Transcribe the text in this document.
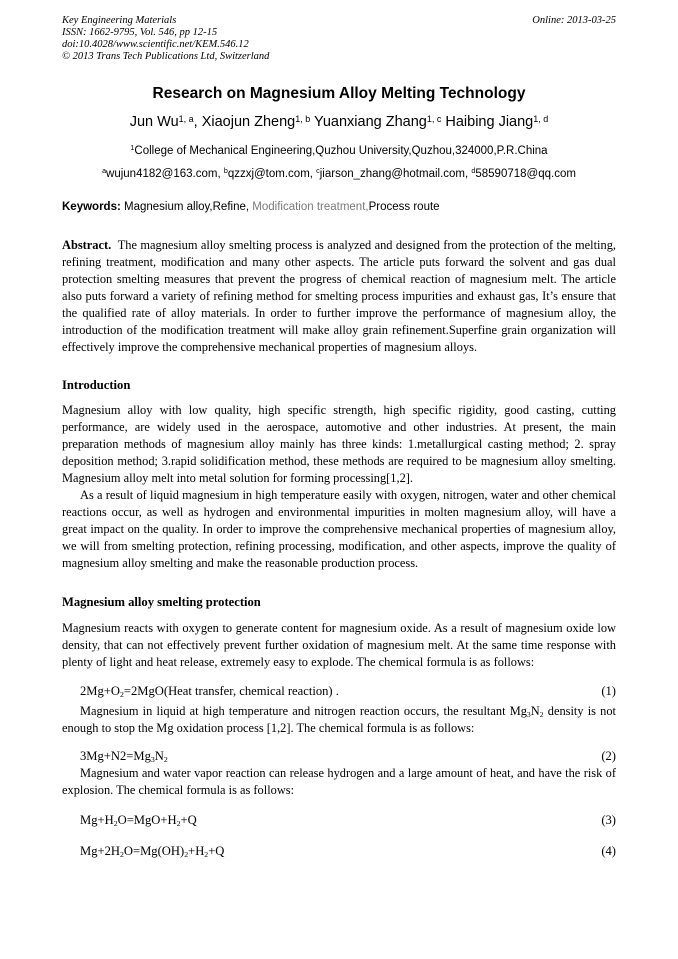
Key Engineering Materials
ISSN: 1662-9795, Vol. 546, pp 12-15
doi:10.4028/www.scientific.net/KEM.546.12
© 2013 Trans Tech Publications Ltd, Switzerland
Online: 2013-03-25
Research on Magnesium Alloy Melting Technology
Jun Wu$^{1, a}$, Xiaojun Zheng$^{1, b}$ Yuanxiang Zhang$^{1, c}$ Haibing Jiang$^{1, d}$
$^1$College of Mechanical Engineering,Quzhou University,Quzhou,324000,P.R.China
$^a$wujun4182@163.com, $^b$qzzxj@tom.com, $^c$jiarson_zhang@hotmail.com, $^d$58590718@qq.com
Keywords: Magnesium alloy,Refine, Modification treatment,Process route

Abstract.  The magnesium alloy smelting process is analyzed and designed from the protection of the melting, refining treatment, modification and many other aspects. The article puts forward the solvent and gas dual protection smelting measures that prevent the progress of chemical reaction of magnesium melt. The article also puts forward a variety of refining method for smelting process impurities and exhaust gas, It’s ensure that the qualified rate of alloy materials. In order to further improve the performance of magnesium alloy, the introduction of the modification treatment will make alloy grain refinement.Superfine grain organization will effectively improve the comprehensive mechanical properties of magnesium alloys.

Introduction

Magnesium alloy with low quality, high specific strength, high specific rigidity, good casting, cutting performance, are widely used in the aerospace, automotive and other industries. At present, the main preparation methods of magnesium alloy mainly has three kinds: 1.metallurgical casting method; 2. spray deposition method; 3.rapid solidification method, these methods are required to be magnesium alloy smelting. Magnesium alloy melt into metal solution for forming processing[1,2].

As a result of liquid magnesium in high temperature easily with oxygen, nitrogen, water and other chemical reactions occur, as well as hydrogen and environmental impurities in molten magnesium alloy, will have a great impact on the quality. In order to improve the comprehensive mechanical properties of magnesium alloy, we will from smelting protection, refining processing, modification, and other aspects, improve the quality of magnesium alloy smelting and make the reasonable production process.

Magnesium alloy smelting protection

Magnesium reacts with oxygen to generate content for magnesium oxide. As a result of magnesium oxide low density, that can not effectively prevent further oxidation of magnesium melt. At the same time response with plenty of light and heat release, extremely easy to explode. The chemical formula is as follows:

$2Mg+O_2=2MgO(Heat$ transfer, chemical reaction) .	(1)

Magnesium in liquid at high temperature and nitrogen reaction occurs, the resultant $Mg_3N_2$ density is not enough to stop the Mg oxidation process [1,2]. The chemical formula is as follows:

$3Mg+N2=Mg_3N_2$	(2)

Magnesium and water vapor reaction can release hydrogen and a large amount of heat, and have the risk of explosion. The chemical formula is as follows:

$Mg+H_2O=MgO+H_2+Q$	(3)
$Mg+2H_2O=Mg(OH)_2+H_2+Q$	(4)
